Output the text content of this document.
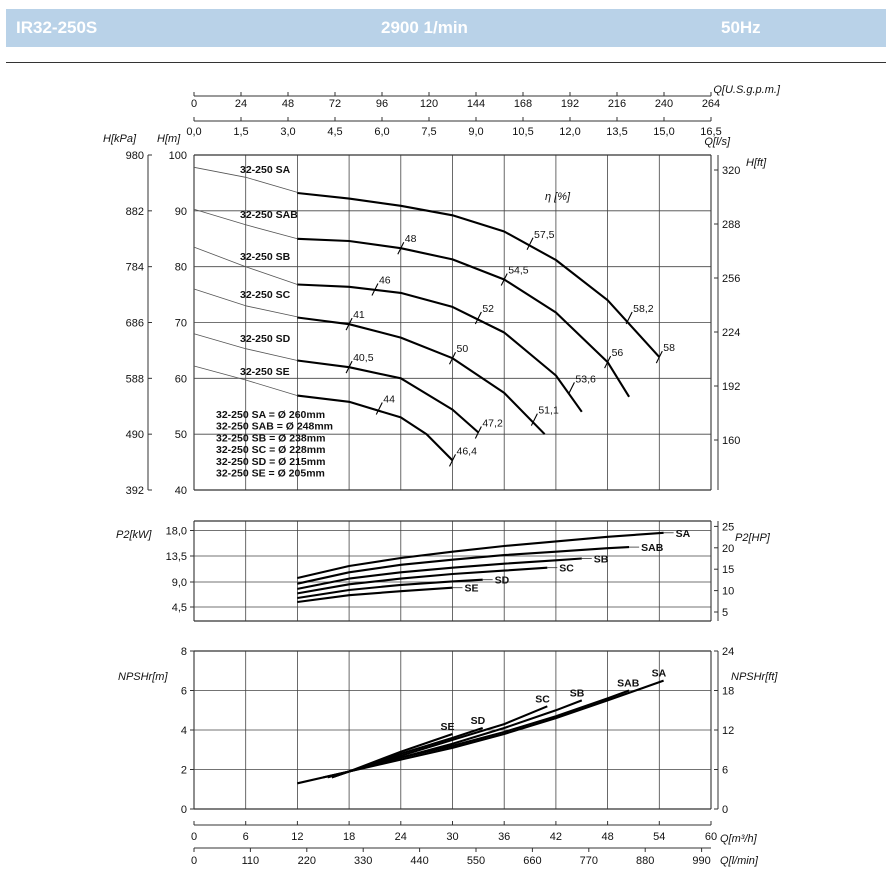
IR32-250S	2900 1/min	50Hz
0	24	48	72	96	120	144	168	192	216	240	264
Q[U.S.g.p.m.]
0,0	1,5	3,0	4,5	6,0	7,5	9,0	10,5 12,0 13,5 15,0 16,5
Q[l/s]
40
392
50
490
60
588
70
686
80
784
90
882
100
980
H[m]
H[kPa]
160
192
224
256
288
320
H[ft]
η [%]
32-250 SA
32-250 SAB
32-250 SB
32-250 SC
32-250 SD
32-250 SE
48	57,5
58,2
58
46
54,5
56
41
52
53,6
40,5
50
51,1
44
47,2
46,4
32-250 SA = Ø 260mm 32-250 SAB = Ø 248mm 32-250 SB = Ø 238mm 32-250 SC = Ø 228mm 32-250 SD = Ø 215mm 32-250 SE = Ø 205mm
4,5
9,0
13,5
18,0
P2[kW]
5
10
15
20
25
P2[HP]
SA
SAB
SB
SC
SD
SE
0
2
4
6
8
NPSHr[m]
0
6
12
18
24
NPSHr[ft]
SA
SAB
SB
SC
SD
SE
0	6	12	18	24	30	36	42	48	54	60 Q[m³/h]
0	110	220	330	440	550	660	770	880	990 Q[l/min]
